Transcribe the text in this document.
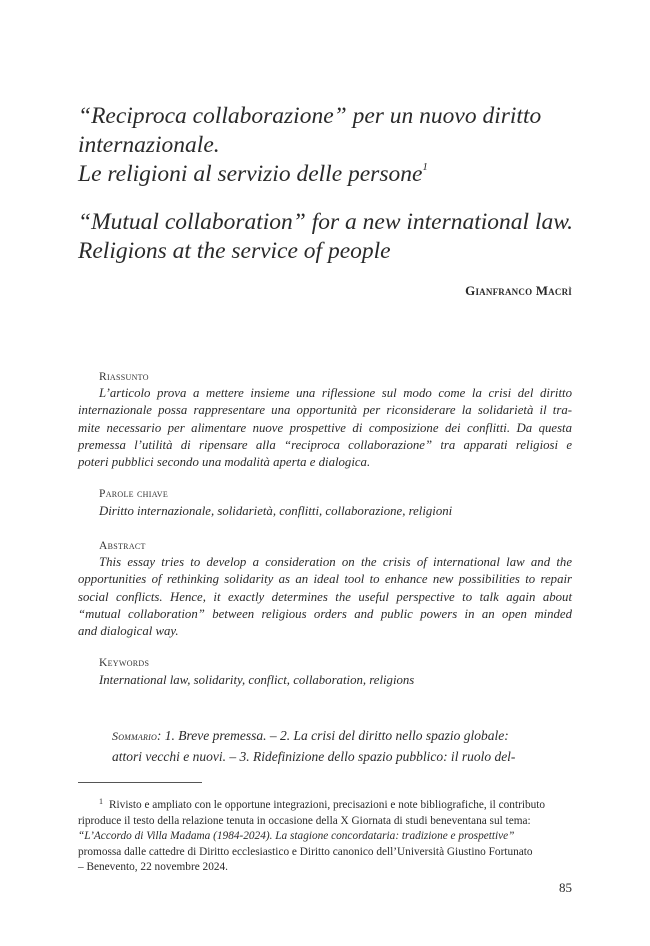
“Reciproca collaborazione” per un nuovo diritto
internazionale.
Le religioni al servizio delle persone$^1$
“Mutual collaboration” for a new international law.
Religions at the service of people
Gianfranco Macrì
Riassunto
L’articolo prova a mettere insieme una riflessione sul modo come la crisi del diritto
internazionale possa rappresentare una opportunità per riconsiderare la solidarietà il tra-
mite necessario per alimentare nuove prospettive di composizione dei conflitti. Da questa
premessa l’utilità di ripensare alla “reciproca collaborazione” tra apparati religiosi e
poteri pubblici secondo una modalità aperta e dialogica.
Parole chiave
Diritto internazionale, solidarietà, conflitti, collaborazione, religioni
Abstract
This essay tries to develop a consideration on the crisis of international law and the
opportunities of rethinking solidarity as an ideal tool to enhance new possibilities to repair
social conflicts. Hence, it exactly determines the useful perspective to talk again about
“mutual collaboration” between religious orders and public powers in an open minded
and dialogical way.
Keywords
International law, solidarity, conflict, collaboration, religions
Sommario: 1. Breve premessa. – 2. La crisi del diritto nello spazio globale:
attori vecchi e nuovi. – 3. Ridefinizione dello spazio pubblico: il ruolo del-
$^1$ Rivisto e ampliato con le opportune integrazioni, precisazioni e note bibliografiche, il contributo
riproduce il testo della relazione tenuta in occasione della X Giornata di studi beneventana sul tema:
“L’Accordo di Villa Madama (1984-2024). La stagione concordataria: tradizione e prospettive”
promossa dalle cattedre di Diritto ecclesiastico e Diritto canonico dell’Università Giustino Fortunato
– Benevento, 22 novembre 2024.
85
